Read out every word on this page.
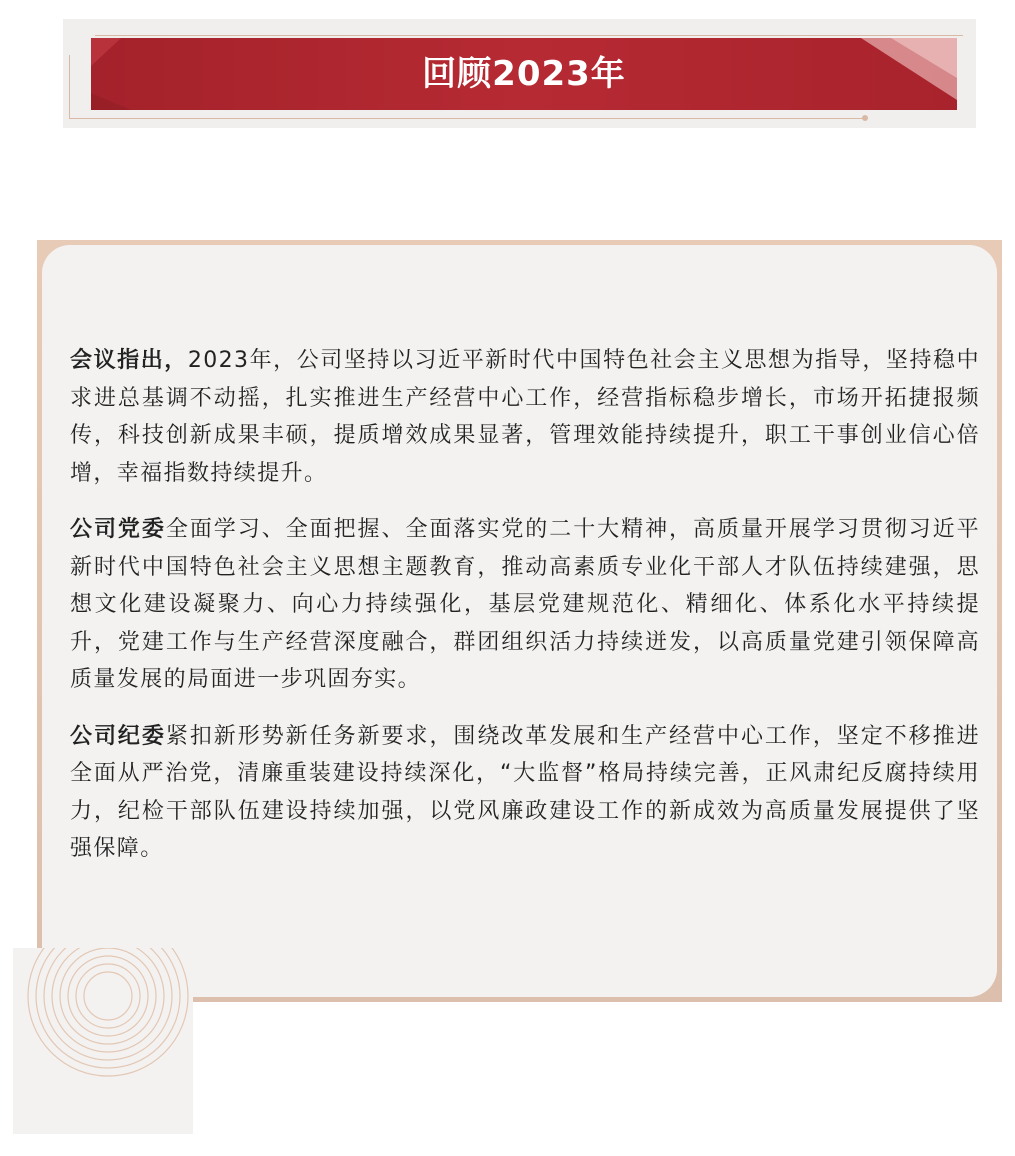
回顾2023年

会议指出，2023年，公司坚持以习近平新时代中国特色社会主义思想为指导，坚持稳中求进总基调不动摇，扎实推进生产经营中心工作，经营指标稳步增长，市场开拓捷报频传，科技创新成果丰硕，提质增效成果显著，管理效能持续提升，职工干事创业信心倍增，幸福指数持续提升。

公司党委全面学习、全面把握、全面落实党的二十大精神，高质量开展学习贯彻习近平新时代中国特色社会主义思想主题教育，推动高素质专业化干部人才队伍持续建强，思想文化建设凝聚力、向心力持续强化，基层党建规范化、精细化、体系化水平持续提升，党建工作与生产经营深度融合，群团组织活力持续迸发，以高质量党建引领保障高质量发展的局面进一步巩固夯实。

公司纪委紧扣新形势新任务新要求，围绕改革发展和生产经营中心工作，坚定不移推进全面从严治党，清廉重装建设持续深化，“大监督”格局持续完善，正风肃纪反腐持续用力，纪检干部队伍建设持续加强，以党风廉政建设工作的新成效为高质量发展提供了坚强保障。
